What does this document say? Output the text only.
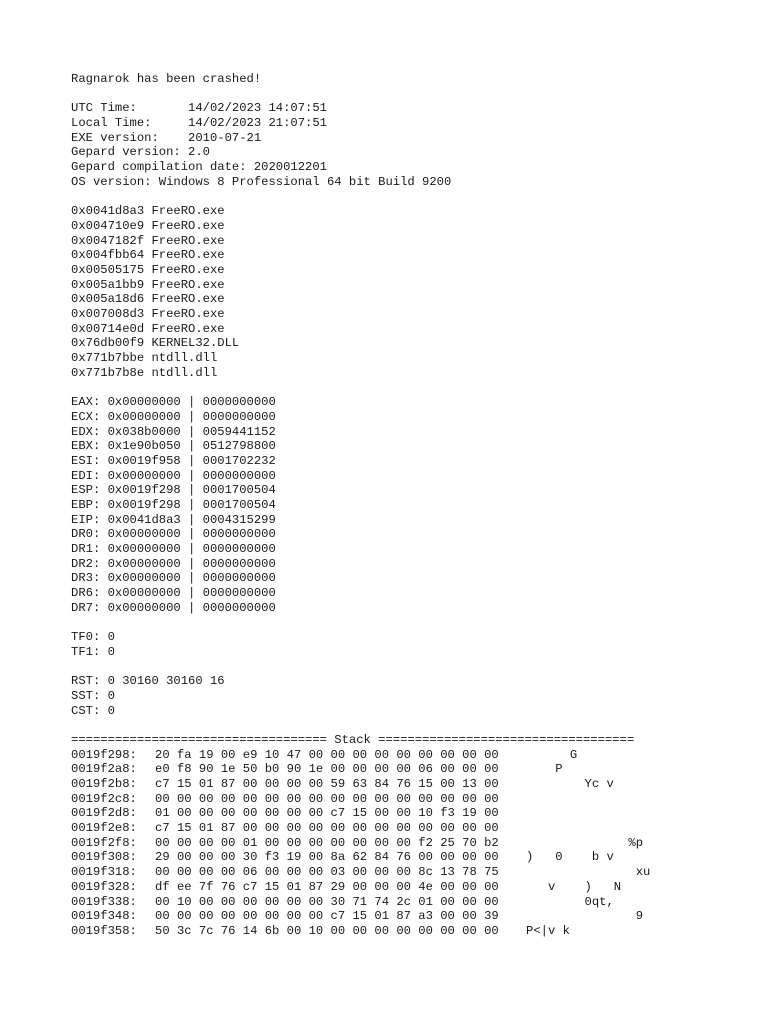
Ragnarok has been crashed!
UTC Time:	14/02/2023 14:07:51
Local Time:	14/02/2023 21:07:51
EXE version: 2010-07-21
Gepard version: 2.0
Gepard compilation date: 2020012201
OS version: Windows 8 Professional 64 bit Build 9200
0x0041d8a3 FreeRO.exe
0x004710e9 FreeRO.exe
0x0047182f FreeRO.exe
0x004fbb64 FreeRO.exe
0x00505175 FreeRO.exe
0x005a1bb9 FreeRO.exe
0x005a18d6 FreeRO.exe
0x007008d3 FreeRO.exe
0x00714e0d FreeRO.exe
0x76db00f9 KERNEL32.DLL
0x771b7bbe ntdll.dll
0x771b7b8e ntdll.dll
EAX: 0x00000000 | 0000000000
ECX: 0x00000000 | 0000000000
EDX: 0x038b0000 | 0059441152
EBX: 0x1e90b050 | 0512798800
ESI: 0x0019f958 | 0001702232
EDI: 0x00000000 | 0000000000
ESP: 0x0019f298 | 0001700504
EBP: 0x0019f298 | 0001700504
EIP: 0x0041d8a3 | 0004315299
DR0: 0x00000000 | 0000000000
DR1: 0x00000000 | 0000000000
DR2: 0x00000000 | 0000000000
DR3: 0x00000000 | 0000000000
DR6: 0x00000000 | 0000000000
DR7: 0x00000000 | 0000000000
TF0: 0
TF1: 0
RST: 0 30160 30160 16
SST: 0
CST: 0
=================================== Stack ===================================
0019f298: 20 fa 19 00 e9 10 47 00 00 00 00 00 00 00 00 00      G
0019f2a8: e0 f8 90 1e 50 b0 90 1e 00 00 00 00 06 00 00 00    P
0019f2b8: c7 15 01 87 00 00 00 00 59 63 84 76 15 00 13 00        Yc v
0019f2c8: 00 00 00 00 00 00 00 00 00 00 00 00 00 00 00 00
0019f2d8: 01 00 00 00 00 00 00 00 c7 15 00 00 10 f3 19 00
0019f2e8: c7 15 01 87 00 00 00 00 00 00 00 00 00 00 00 00
0019f2f8: 00 00 00 00 01 00 00 00 00 00 00 00 f2 25 70 b2              %p
0019f308: 29 00 00 00 30 f3 19 00 8a 62 84 76 00 00 00 00 )   0    b v
0019f318: 00 00 00 00 06 00 00 00 03 00 00 00 8c 13 78 75               xu
0019f328: df ee 7f 76 c7 15 01 87 29 00 00 00 4e 00 00 00   v    )   N
0019f338: 00 10 00 00 00 00 00 00 30 71 74 2c 01 00 00 00        0qt,
0019f348: 00 00 00 00 00 00 00 00 c7 15 01 87 a3 00 00 39               9
0019f358: 50 3c 7c 76 14 6b 00 10 00 00 00 00 00 00 00 00 P<|v k
